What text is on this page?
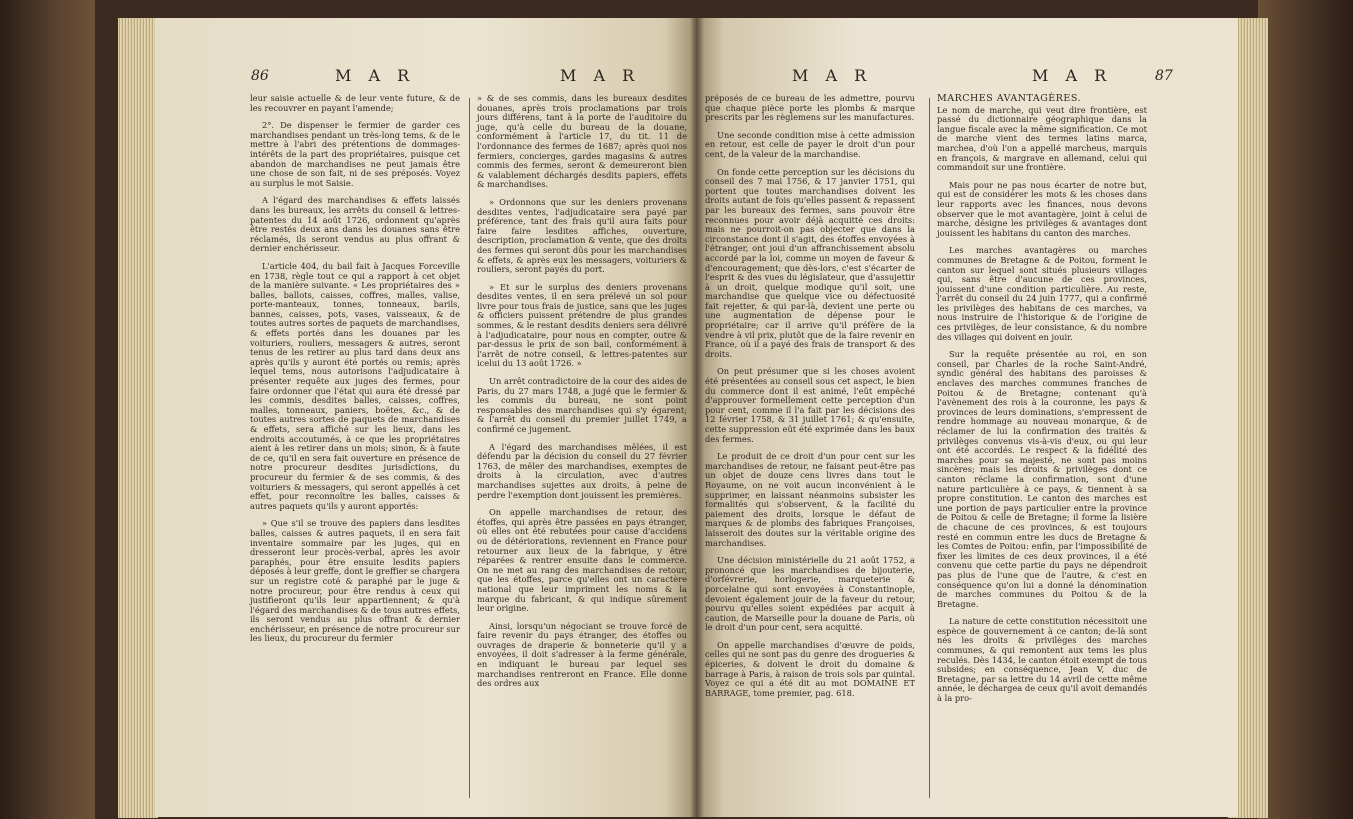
86	M A R	M A R

leur saisie actuelle & de leur vente future, & de les recouvrer en payant l'amende;

2°. De dispenser le fermier de garder ces marchandises pendant un très-long tems, & de le mettre à l'abri des prétentions de dommages-intérêts de la part des propriétaires, puisque cet abandon de marchandises ne peut jamais être une chose de son fait, ni de ses préposés. Voyez au surplus le mot Saisie.

A l'égard des marchandises & effets laissés dans les bureaux, les arrêts du conseil & lettres-patentes du 14 août 1726, ordonnent qu'après être restés deux ans dans les douanes sans être réclamés, ils seront vendus au plus offrant & dernier enchérisseur.

L'article 404, du bail fait à Jacques Forceville en 1738, règle tout ce qui a rapport à cet objet de la manière suivante. « Les propriétaires des » balles, ballots, caisses, coffres, malles, valise, porte-manteaux, tonnes, tonneaux, barils, bannes, caisses, pots, vases, vaisseaux, & de toutes autres sortes de paquets de marchandises, & effets portés dans les douanes par les voituriers, rouliers, messagers & autres, seront tenus de les retirer au plus tard dans deux ans après qu'ils y auront été portés ou remis; après lequel tems, nous autorisons l'adjudicataire à présenter requête aux juges des fermes, pour faire ordonner que l'état qui aura été dressé par les commis, desdites balles, caisses, coffres, malles, tonneaux, paniers, boëtes, &c., & de toutes autres sortes de paquets de marchandises & effets, sera affiché sur les lieux, dans les endroits accoutumés, à ce que les propriétaires aient à les retirer dans un mois; sinon, & à faute de ce, qu'il en sera fait ouverture en présence de notre procureur desdites jurisdictions, du procureur du fermier & de ses commis, & des voituriers & messagers, qui seront appellés à cet effet, pour reconnoître les balles, caisses & autres paquets qu'ils y auront apportés:

» Que s'il se trouve des papiers dans lesdites balles, caisses & autres paquets, il en sera fait inventaire sommaire par les juges, qui en dresseront leur procès-verbal, après les avoir paraphés, pour être ensuite lesdits papiers déposés à leur greffe, dont le greffier se chargera sur un registre coté & paraphé par le juge & notre procureur, pour être rendus à ceux qui justifieront qu'ils leur appartiennent; & qu'à l'égard des marchandises & de tous autres effets, ils seront vendus au plus offrant & dernier enchérisseur, en présence de notre procureur sur les lieux, du procureur du fermier

» & de ses commis, dans les bureaux desdites douanes, après trois proclamations par trois jours différens, tant à la porte de l'auditoire du juge, qu'à celle du bureau de la douane, conformément à l'article 17, du tit. 11 de l'ordonnance des fermes de 1687; après quoi nos fermiers, concierges, gardes magasins & autres commis des fermes, seront & demeureront bien & valablement déchargés desdits papiers, effets & marchandises.

» Ordonnons que sur les deniers provenans desdites ventes, l'adjudicataire sera payé par préférence, tant des frais qu'il aura faits pour faire faire lesdites affiches, ouverture, description, proclamation & vente, que des droits des fermes qui seront dûs pour les marchandises & effets, & après eux les messagers, voituriers & rouliers, seront payés du port.

» Et sur le surplus des deniers provenans desdites ventes, il en sera prélevé un sol pour livre pour tous frais de justice, sans que les juges & officiers puissent prétendre de plus grandes sommes, & le restant desdits deniers sera délivré à l'adjudicataire, pour nous en compter, outre & par-dessus le prix de son bail, conformément à l'arrêt de notre conseil, & lettres-patentes sur icelui du 13 août 1726. »

Un arrêt contradictoire de la cour des aides de Paris, du 27 mars 1748, a jugé que le fermier & les commis du bureau, ne sont point responsables des marchandises qui s'y égarent; & l'arrêt du conseil du premier juillet 1749, a confirmé ce jugement.

A l'égard des marchandises mêlées, il est défendu par la décision du conseil du 27 février 1763, de mêler des marchandises, exemptes de droits à la circulation, avec d'autres marchandises sujettes aux droits, à peine de perdre l'exemption dont jouissent les premières.

On appelle marchandises de retour, des étoffes, qui après être passées en pays étranger, où elles ont été rebutées pour cause d'accidens ou de détériorations, reviennent en France pour retourner aux lieux de la fabrique, y être réparées & rentrer ensuite dans le commerce. On ne met au rang des marchandises de retour, que les étoffes, parce qu'elles ont un caractère national que leur impriment les noms & la marque du fabricant, & qui indique sûrement leur origine.

Ainsi, lorsqu'un négociant se trouve forcé de faire revenir du pays étranger, des étoffes ou ouvrages de draperie & bonneterie qu'il y a envoyées, il doit s'adresser à la ferme générale, en indiquant le bureau par lequel ses marchandises rentreront en France. Elle donne des ordres aux

M A R	M A R	87

préposés de ce bureau de les admettre, pourvu que chaque pièce porte les plombs & marque prescrits par les règlemens sur les manufactures.

Une seconde condition mise à cette admission en retour, est celle de payer le droit d'un pour cent, de la valeur de la marchandise.

On fonde cette perception sur les décisions du conseil des 7 mai 1756, & 17 janvier 1751, qui portent que toutes marchandises doivent les droits autant de fois qu'elles passent & repassent par les bureaux des fermes, sans pouvoir être reconnues pour avoir déjà acquitté ces droits: mais ne pourroit-on pas objecter que dans la circonstance dont il s'agit, des étoffes envoyées à l'étranger, ont joui d'un affranchissement absolu accordé par la loi, comme un moyen de faveur & d'encouragement; que dès-lors, c'est s'écarter de l'esprit & des vues du législateur, que d'assujettir à un droit, quelque modique qu'il soit, une marchandise que quelque vice ou défectuosité fait rejetter, & qui par-là, devient une perte ou une augmentation de dépense pour le propriétaire; car il arrive qu'il préfère de la vendre à vil prix, plutôt que de la faire revenir en France, où il a payé des frais de transport & des droits.

On peut présumer que si les choses avoient été présentées au conseil sous cet aspect, le bien du commerce dont il est animé, l'eût empêché d'approuver formellement cette perception d'un pour cent, comme il l'a fait par les décisions des 12 février 1758, & 31 juillet 1761; & qu'ensuite, cette suppression eût été exprimée dans les baux des fermes.

Le produit de ce droit d'un pour cent sur les marchandises de retour, ne faisant peut-être pas un objet de douze cens livres dans tout le Royaume, on ne voit aucun inconvénient à le supprimer, en laissant néanmoins subsister les formalités qui s'observent, & la facilité du paiement des droits, lorsque le défaut de marques & de plombs des fabriques Françoises, laisseroit des doutes sur la véritable origine des marchandises.

Une décision ministérielle du 21 août 1752, a prononcé que les marchandises de bijouterie, d'orfévrerie, horlogerie, marqueterie & porcelaine qui sont envoyées à Constantinople, devoient également jouir de la faveur du retour, pourvu qu'elles soient expédiées par acquit à caution, de Marseille pour la douane de Paris, où le droit d'un pour cent, sera acquitté.

On appelle marchandises d'œuvre de poids, celles qui ne sont pas du genre des drogueries & épiceries, & doivent le droit du domaine & barrage à Paris, à raison de trois sols par quintal. Voyez ce qui a été dit au mot DOMAINE ET BARRAGE, tome premier, pag. 618.

MARCHES AVANTAGÈRES.

Le nom de marche, qui veut dire frontière, est passé du dictionnaire géographique dans la langue fiscale avec la même signification. Ce mot de marche vient des termes latins marca, marchea, d'où l'on a appellé marcheus, marquis en françois, & margrave en allemand, celui qui commandoit sur une frontière.

Mais pour ne pas nous écarter de notre but, qui est de considérer les mots & les choses dans leur rapports avec les finances, nous devons observer que le mot avantagère, joint à celui de marche, désigne les privilèges & avantages dont jouissent les habitans du canton des marches.

Les marches avantagères ou marches communes de Bretagne & de Poitou, forment le canton sur lequel sont situés plusieurs villages qui, sans être d'aucune de ces provinces, jouissent d'une condition particulière. Au reste, l'arrêt du conseil du 24 juin 1777, qui a confirmé les privilèges des habitans de ces marches, va nous instruire de l'historique & de l'origine de ces privilèges, de leur consistance, & du nombre des villages qui doivent en jouir.

Sur la requête présentée au roi, en son conseil, par Charles de la roche Saint-André, syndic général des habitans des paroisses & enclaves des marches communes franches de Poitou & de Bretagne; contenant qu'à l'avènement des rois à la couronne, les pays & provinces de leurs dominations, s'empressent de rendre hommage au nouveau monarque, & de réclamer de lui la confirmation des traités & privilèges convenus vis-à-vis d'eux, ou qui leur ont été accordés. Le respect & la fidélité des marches pour sa majesté, ne sont pas moins sincères; mais les droits & privilèges dont ce canton réclame la confirmation, sont d'une nature particulière à ce pays, & tiennent à sa propre constitution. Le canton des marches est une portion de pays particulier entre la province de Poitou & celle de Bretagne; il forme la lisière de chacune de ces provinces, & est toujours resté en commun entre les ducs de Bretagne & les Comtes de Poitou: enfin, par l'impossibilité de fixer les limites de ces deux provinces, il a été convenu que cette partie du pays ne dépendroit pas plus de l'une que de l'autre, & c'est en conséquence qu'on lui a donné la dénomination de marches communes du Poitou & de la Bretagne.

La nature de cette constitution nécessitoit une espèce de gouvernement à ce canton; de-là sont nés les droits & privilèges des marches communes, & qui remontent aux tems les plus reculés. Dès 1434, le canton étoit exempt de tous subsides; en conséquence, Jean V, duc de Bretagne, par sa lettre du 14 avril de cette même année, le déchargea de ceux qu'il avoit demandés à la pro-
